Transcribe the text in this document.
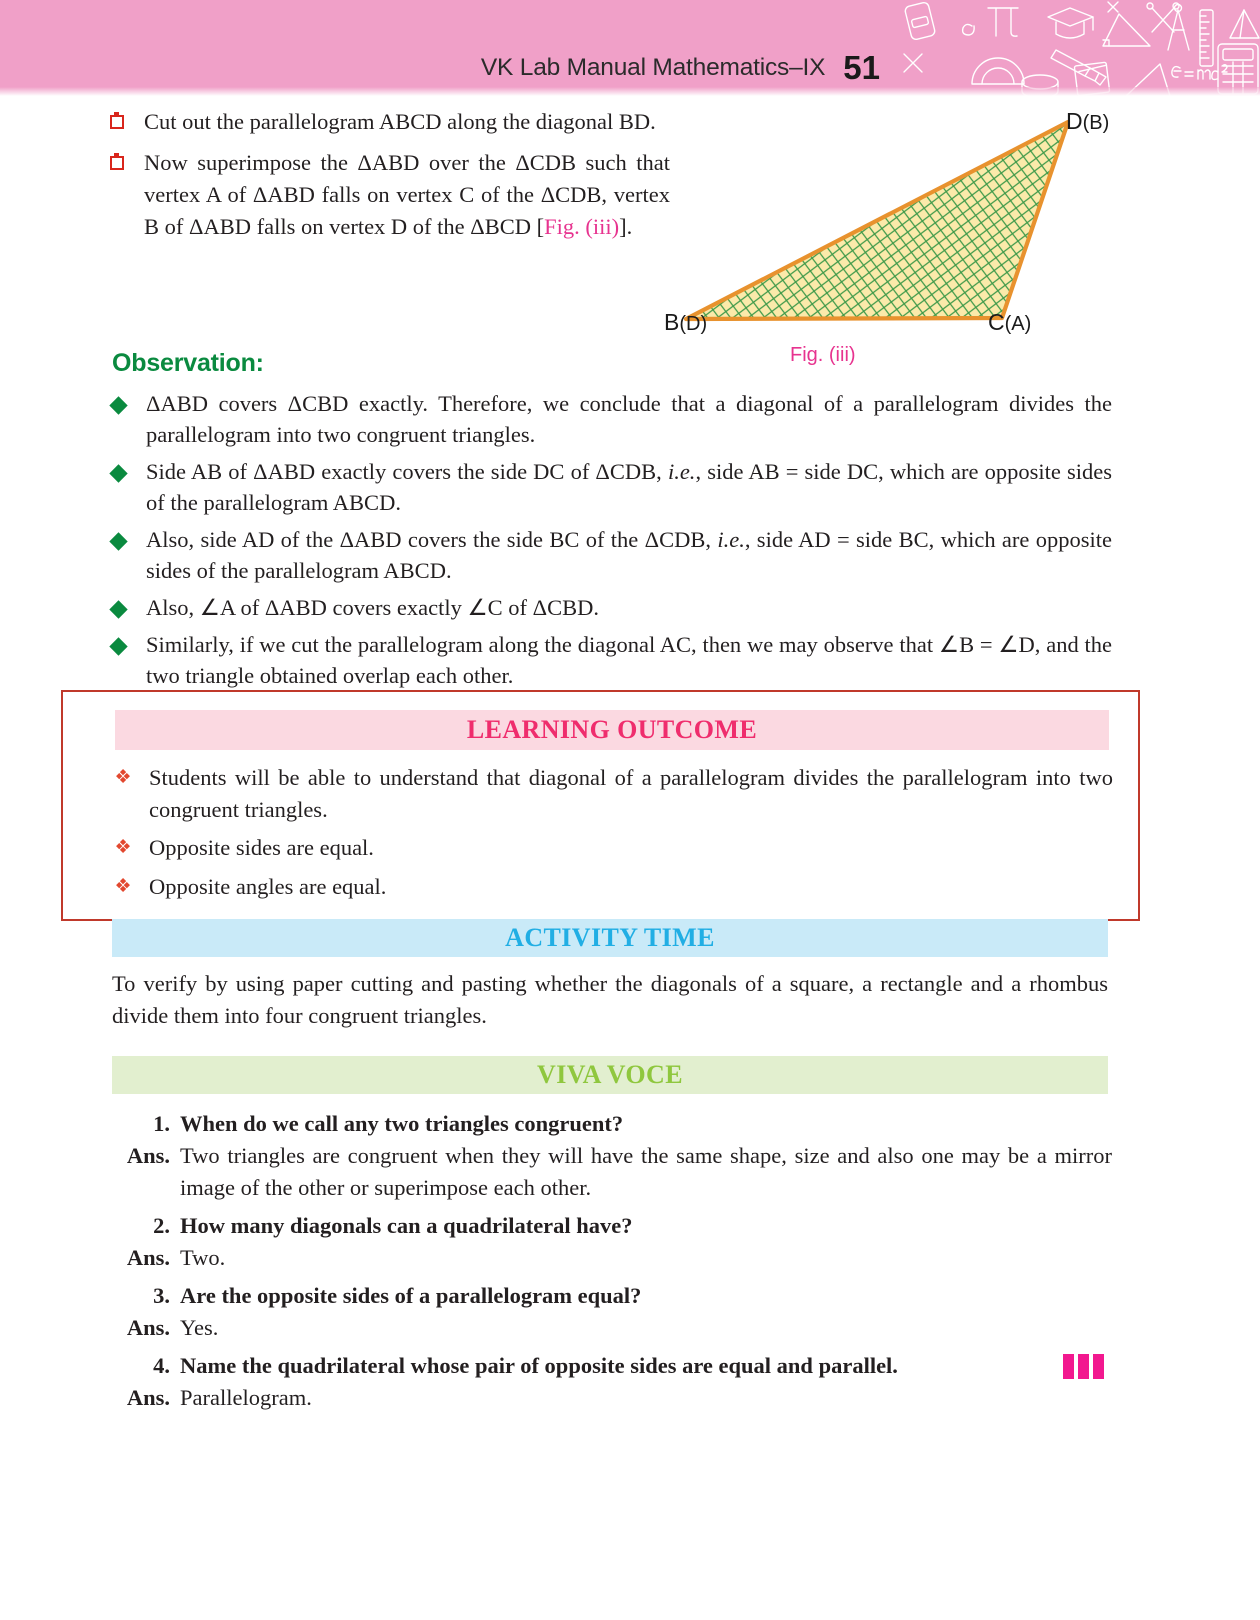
VK Lab Manual Mathematics–IX 51
Cut out the parallelogram ABCD along the diagonal BD.
Now superimpose the ΔABD over the ΔCDB such that vertex A of ΔABD falls on vertex C of the ΔCDB, vertex B of ΔABD falls on vertex D of the ΔBCD [Fig. (iii)].
D(B)
B(D)	C(A)
Fig. (iii)
Observation:
ΔABD covers ΔCBD exactly. Therefore, we conclude that a diagonal of a parallelogram divides the parallelogram into two congruent triangles.
Side AB of ΔABD exactly covers the side DC of ΔCDB, i.e., side AB = side DC, which are opposite sides of the parallelogram ABCD.
Also, side AD of the ΔABD covers the side BC of the ΔCDB, i.e., side AD = side BC, which are opposite sides of the parallelogram ABCD.
Also, ∠A of ΔABD covers exactly ∠C of ΔCBD.
Similarly, if we cut the parallelogram along the diagonal AC, then we may observe that ∠B = ∠D, and the two triangle obtained overlap each other.
LEARNING OUTCOME
❖ Students will be able to understand that diagonal of a parallelogram divides the parallelogram into two congruent triangles.
❖ Opposite sides are equal.
❖ Opposite angles are equal.
ACTIVITY TIME
To verify by using paper cutting and pasting whether the diagonals of a square, a rectangle and a rhombus divide them into four congruent triangles.
VIVA VOCE
1. When do we call any two triangles congruent?
Ans. Two triangles are congruent when they will have the same shape, size and also one may be a mirror image of the other or superimpose each other.
2. How many diagonals can a quadrilateral have?
Ans. Two.
3. Are the opposite sides of a parallelogram equal?
Ans. Yes.
4. Name the quadrilateral whose pair of opposite sides are equal and parallel.
Ans. Parallelogram.
